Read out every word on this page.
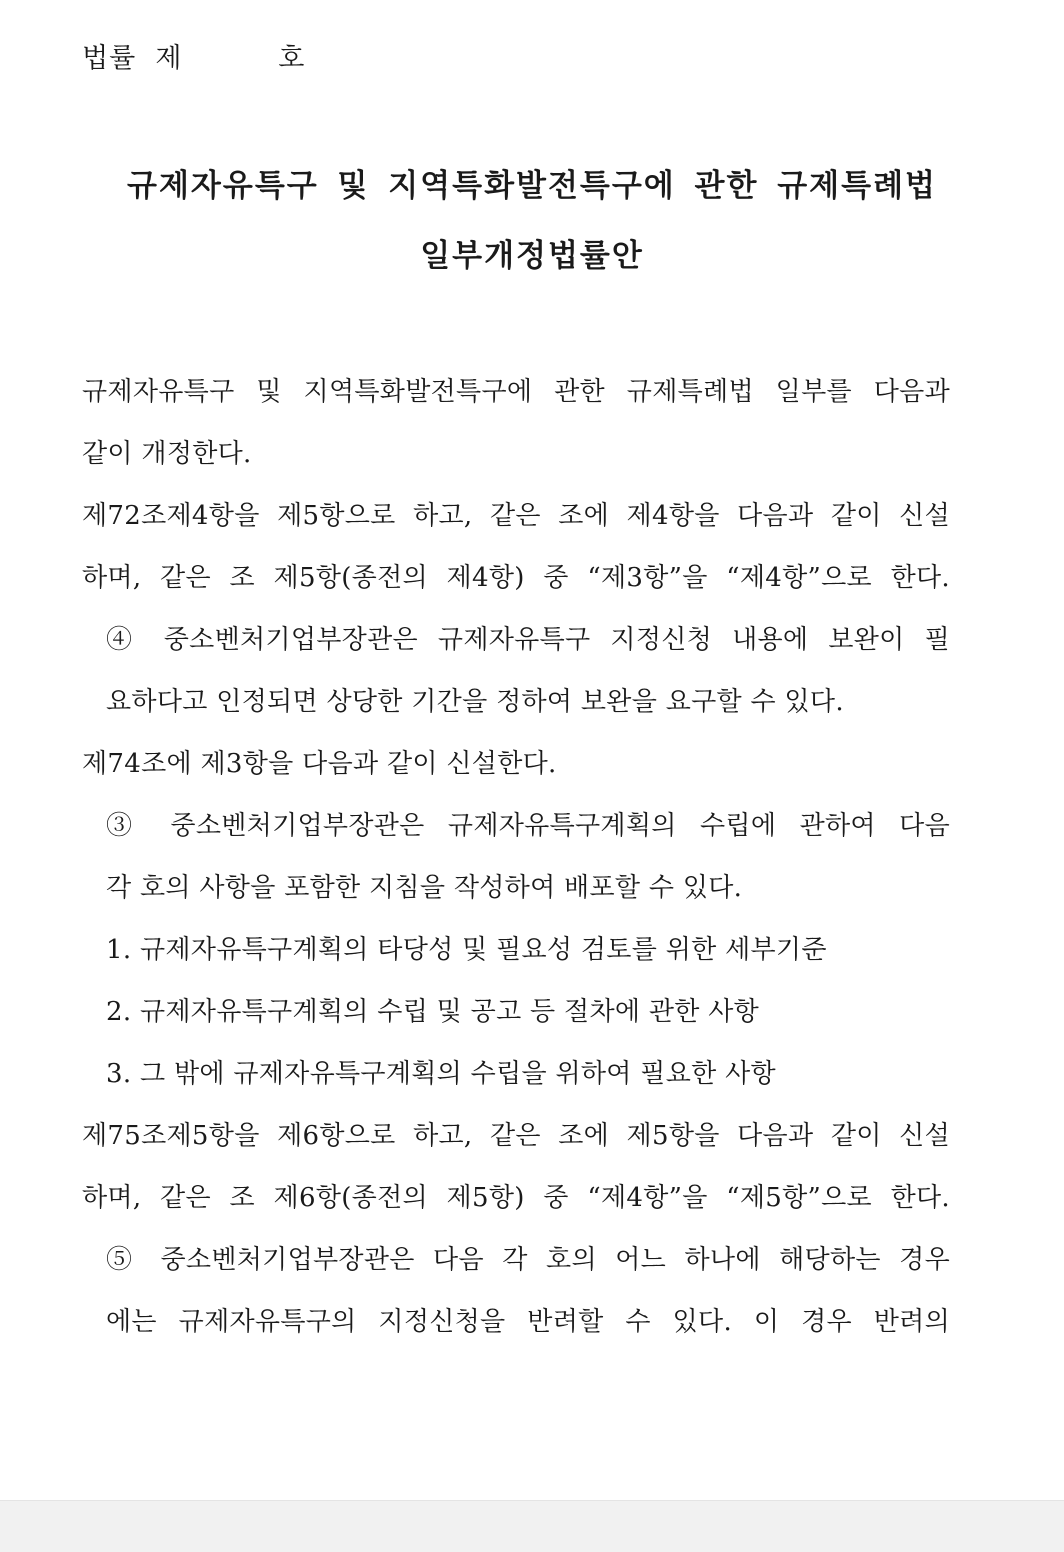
법률  제          호
규제자유특구 및 지역특화발전특구에 관한 규제특례법
일부개정법률안

규제자유특구 및 지역특화발전특구에 관한 규제특례법 일부를 다음과

같이 개정한다.

제72조제4항을 제5항으로 하고, 같은 조에 제4항을 다음과 같이 신설

하며, 같은 조 제5항(종전의 제4항) 중 “제3항”을 “제4항”으로 한다.

④ 중소벤처기업부장관은 규제자유특구 지정신청 내용에 보완이 필

요하다고 인정되면 상당한 기간을 정하여 보완을 요구할 수 있다.

제74조에 제3항을 다음과 같이 신설한다.

③ 중소벤처기업부장관은 규제자유특구계획의 수립에 관하여 다음

각 호의 사항을 포함한 지침을 작성하여 배포할 수 있다.

1. 규제자유특구계획의 타당성 및 필요성 검토를 위한 세부기준

2. 규제자유특구계획의 수립 및 공고 등 절차에 관한 사항

3. 그 밖에 규제자유특구계획의 수립을 위하여 필요한 사항

제75조제5항을 제6항으로 하고, 같은 조에 제5항을 다음과 같이 신설

하며, 같은 조 제6항(종전의 제5항) 중 “제4항”을 “제5항”으로 한다.

⑤ 중소벤처기업부장관은 다음 각 호의 어느 하나에 해당하는 경우

에는 규제자유특구의 지정신청을 반려할 수 있다. 이 경우 반려의
